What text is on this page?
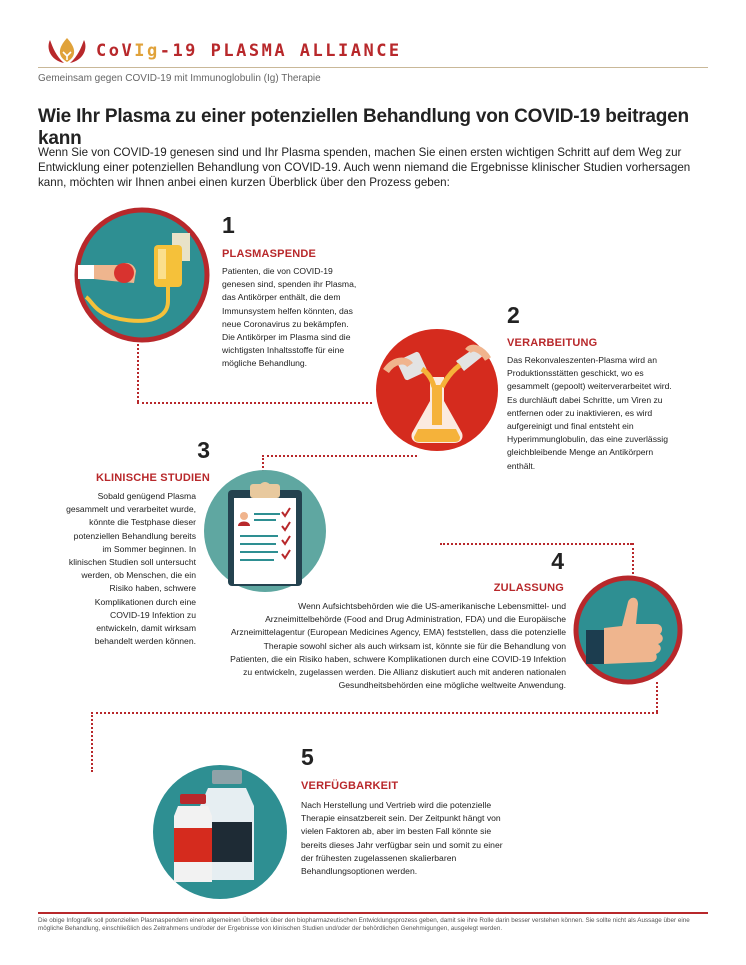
CoVIg-19 PLASMA ALLIANCE
Gemeinsam gegen COVID-19 mit Immunoglobulin (Ig) Therapie
Wie Ihr Plasma zu einer potenziellen Behandlung von COVID-19 beitragen kann
Wenn Sie von COVID-19 genesen sind und Ihr Plasma spenden, machen Sie einen ersten wichtigen Schritt auf dem Weg zur Entwicklung einer potenziellen Behandlung von COVID-19. Auch wenn niemand die Ergebnisse klinischer Studien vorhersagen kann, möchten wir Ihnen anbei einen kurzen Überblick über den Prozess geben:
1
PLASMASPENDE
Patienten, die von COVID-19 genesen sind, spenden ihr Plasma, das Antikörper enthält, die dem Immunsystem helfen könnten, das neue Coronavirus zu bekämpfen. Die Antikörper im Plasma sind die wichtigsten Inhaltsstoffe für eine mögliche Behandlung.
2
VERARBEITUNG
Das Rekonvaleszenten-Plasma wird an Produktionsstätten geschickt, wo es gesammelt (gepoolt) weiterverarbeitet wird. Es durchläuft dabei Schritte, um Viren zu entfernen oder zu inaktivieren, es wird aufgereinigt und final entsteht ein Hyperimmunglobulin, das eine zuverlässig gleichbleibende Menge an Antikörpern enthält.
3
KLINISCHE STUDIEN
Sobald genügend Plasma gesammelt und verarbeitet wurde, könnte die Testphase dieser potenziellen Behandlung bereits im Sommer beginnen. In klinischen Studien soll untersucht werden, ob Menschen, die ein Risiko haben, schwere Komplikationen durch eine COVID-19 Infektion zu entwickeln, damit wirksam behandelt werden können.
4
ZULASSUNG
Wenn Aufsichtsbehörden wie die US-amerikanische Lebensmittel- und Arzneimittelbehörde (Food and Drug Administration, FDA) und die Europäische Arzneimittelagentur (European Medicines Agency, EMA) feststellen, dass die potenzielle Therapie sowohl sicher als auch wirksam ist, könnte sie für die Behandlung von Patienten, die ein Risiko haben, schwere Komplikationen durch eine COVID-19 Infektion zu entwickeln, zugelassen werden. Die Allianz diskutiert auch mit anderen nationalen Gesundheitsbehörden eine mögliche weltweite Anwendung.
5
VERFÜGBARKEIT
Nach Herstellung und Vertrieb wird die potenzielle Therapie einsatzbereit sein. Der Zeitpunkt hängt von vielen Faktoren ab, aber im besten Fall könnte sie bereits dieses Jahr verfügbar sein und somit zu einer der frühesten zugelassenen skalierbaren Behandlungsoptionen werden.
Die obige Infografik soll potenziellen Plasmaspendern einen allgemeinen Überblick über den biopharmazeutischen Entwicklungsprozess geben, damit sie ihre Rolle darin besser verstehen können. Sie sollte nicht als Aussage über eine mögliche Behandlung, einschließlich des Zeitrahmens und/oder der Ergebnisse von klinischen Studien und/oder der behördlichen Genehmigungen, ausgelegt werden.
